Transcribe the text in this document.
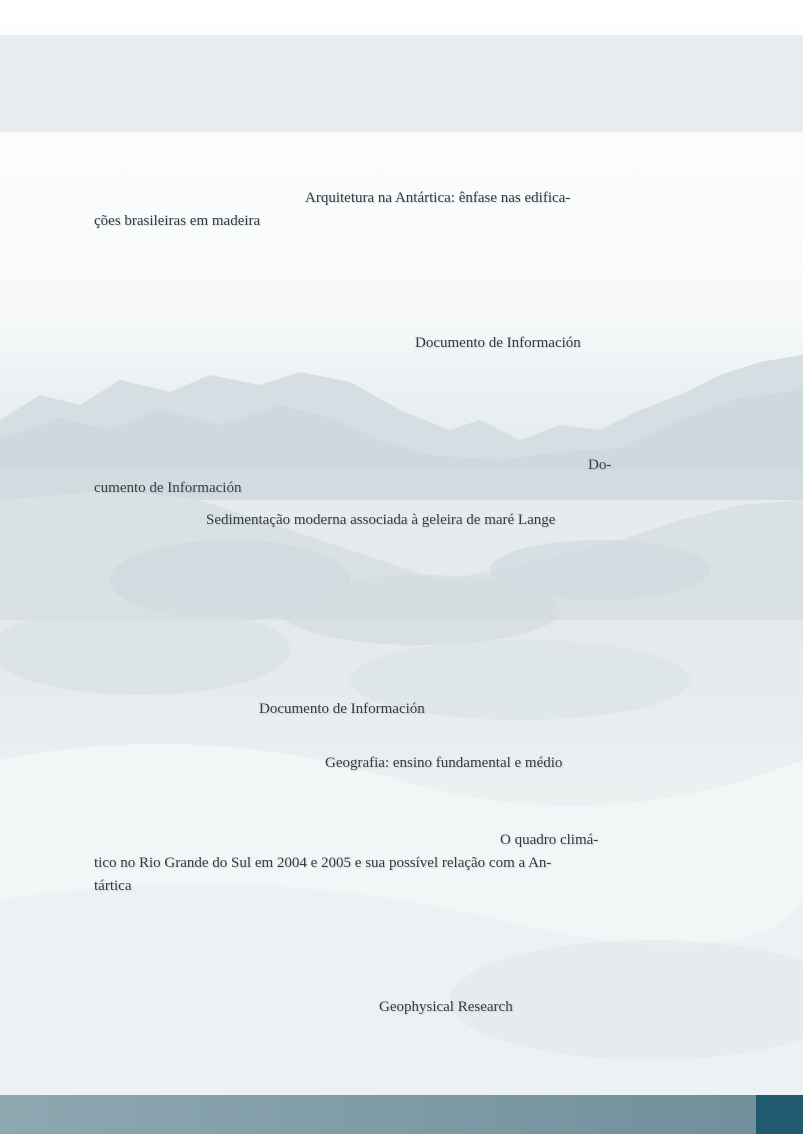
Arquitetura na Antártica: ênfase nas edifica-

ções brasileiras em madeira

Documento de Información

Do-

cumento de Información

Sedimentação moderna associada à geleira de maré Lange

Documento de Información

Geografia: ensino fundamental e médio

O quadro climá-

tico no Rio Grande do Sul em 2004 e 2005 e sua possível relação com a An-

tártica

Geophysical Research
